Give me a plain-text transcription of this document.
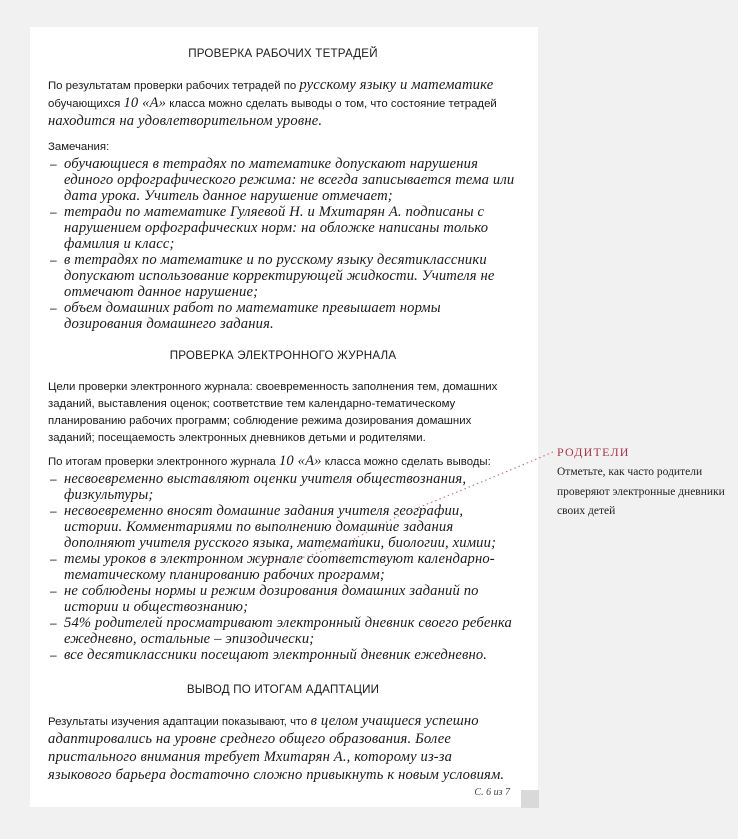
ПРОВЕРКА РАБОЧИХ ТЕТРАДЕЙ

По результатам проверки рабочих тетрадей по русскому языку и математике обучающихся 10 «А» класса можно сделать выводы о том, что состояние тетрадей находится на удовлетворительном уровне.

Замечания:

– обучающиеся в тетрадях по математике допускают нарушения единого орфографического режима: не всегда записывается тема или дата урока. Учитель данное нарушение отмечает;
– тетради по математике Гуляевой Н. и Мхитарян А. подписаны с нарушением орфографических норм: на обложке написаны только фамилия и класс;
– в тетрадях по математике и по русскому языку десятиклассники допускают использование корректирующей жидкости. Учителя не отмечают данное нарушение;
– объем домашних работ по математике превышает нормы дозирования домашнего задания.
ПРОВЕРКА ЭЛЕКТРОННОГО ЖУРНАЛА

Цели проверки электронного журнала: своевременность заполнения тем, домашних заданий, выставления оценок; соответствие тем календарно-тематическому планированию рабочих программ; соблюдение режима дозирования домашних заданий; посещаемость электронных дневников детьми и родителями.

По итогам проверки электронного журнала 10 «А» класса можно сделать выводы:

– несвоевременно выставляют оценки учителя обществознания, физкультуры;
– несвоевременно вносят домашние задания учителя географии, истории. Комментариями по выполнению домашние задания дополняют учителя русского языка, математики, биологии, химии;
– темы уроков в электронном журнале соответствуют календарно-тематическому планированию рабочих программ;
– не соблюдены нормы и режим дозирования домашних заданий по истории и обществознанию;
– 54% родителей просматривают электронный дневник своего ребенка ежедневно, остальные – эпизодически;
– все десятиклассники посещают электронный дневник ежедневно.
ВЫВОД ПО ИТОГАМ АДАПТАЦИИ

Результаты изучения адаптации показывают, что в целом учащиеся успешно адаптировались на уровне среднего общего образования. Более пристального внимания требует Мхитарян А., которому из-за языкового барьера достаточно сложно привыкнуть к новым условиям.

С. 6 из 7
РОДИТЕЛИ
Отметьте, как часто родители проверяют электронные дневники своих детей
